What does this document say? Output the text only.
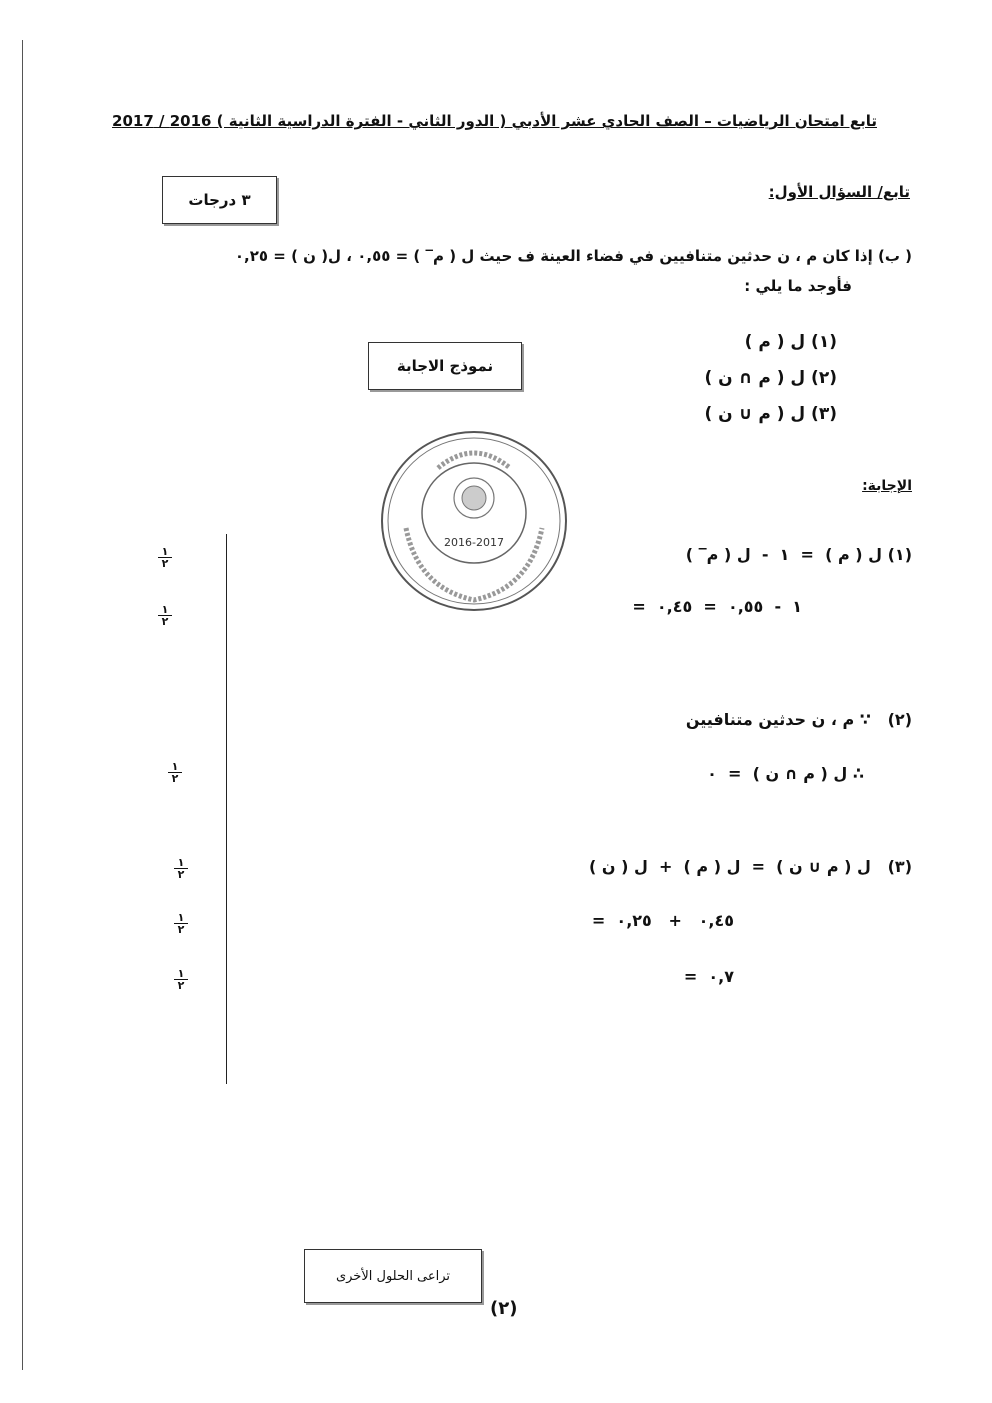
تابع امتحان الرياضيات – الصف الحادي عشر الأدبي ( الدور الثاني - الفترة الدراسية الثانية ) 2016 / 2017
تابع/ السؤال الأول:
٣ درجات
( ب) إذا كان م ، ن حدثين متنافيين في فضاء العينة ف حيث ل ( م‾ ) = ٠,٥٥ ، ل( ن ) = ٠,٢٥
فأوجد ما يلي :
(١) ل ( م )
(٢) ل ( م ∩ ن )
(٣) ل ( م ∪ ن )
نموذج الاجابة
2016-2017
الإجابة:
(١) ل ( م )  =  ١  -  ل ( م‾ )
=  ١  -  ٠,٥٥  =  ٠,٤٥
(٢)   ∵ م ، ن حدثين متنافيين
∴ ل ( م ∩ ن )  =  ٠
(٣)   ل ( م ∪ ن )  =  ل ( م )  +  ل ( ن )
=  ٠,٤٥   +   ٠,٢٥
=  ٠,٧
١
٢
١
٢
١
٢
١
٢
١
٢
١
٢
تراعى الحلول الأخرى
(٢)
